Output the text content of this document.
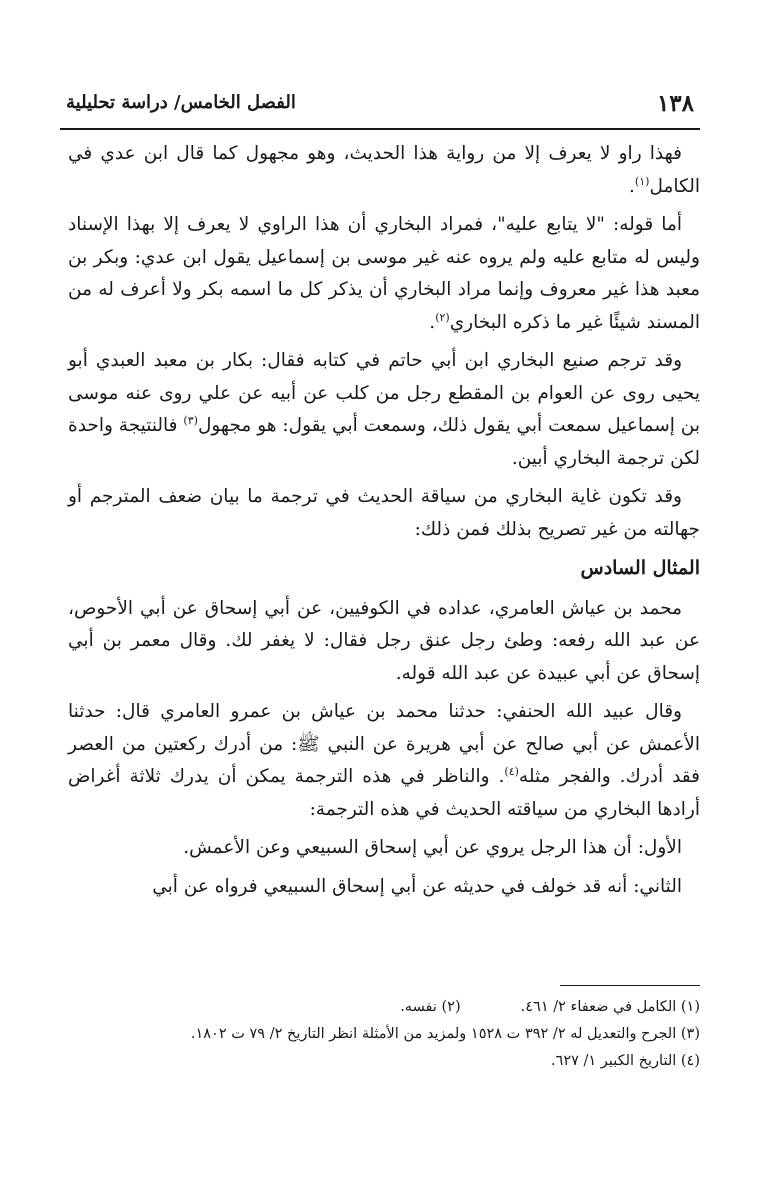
١٣٨
الفصل الخامس/ دراسة تحليلية

فهذا راو لا يعرف إلا من رواية هذا الحديث، وهو مجهول كما قال ابن عدي في الكامل$^{(١)}$.

أما قوله: "لا يتابع عليه"، فمراد البخاري أن هذا الراوي لا يعرف إلا بهذا الإسناد وليس له متابع عليه ولم يروه عنه غير موسى بن إسماعيل يقول ابن عدي: وبكر بن معبد هذا غير معروف وإنما مراد البخاري أن يذكر كل ما اسمه بكر ولا أعرف له من المسند شيئًا غير ما ذكره البخاري$^{(٢)}$.

وقد ترجم صنيع البخاري ابن أبي حاتم في كتابه فقال: بكار بن معبد العبدي أبو يحيى روى عن العوام بن المقطع رجل من كلب عن أبيه عن علي روى عنه موسى بن إسماعيل سمعت أبي يقول ذلك، وسمعت أبي يقول: هو مجهول$^{(٣)}$ فالنتيجة واحدة لكن ترجمة البخاري أبين.

وقد تكون غاية البخاري من سياقة الحديث في ترجمة ما بيان ضعف المترجم أو جهالته من غير تصريح بذلك فمن ذلك:

المثال السادس

محمد بن عياش العامري، عداده في الكوفيين، عن أبي إسحاق عن أبي الأحوص، عن عبد الله رفعه: وطئ رجل عنق رجل فقال: لا يغفر لك. وقال معمر بن أبي إسحاق عن أبي عبيدة عن عبد الله قوله.

وقال عبيد الله الحنفي: حدثنا محمد بن عياش بن عمرو العامري قال: حدثنا الأعمش عن أبي صالح عن أبي هريرة عن النبي ﷺ: من أدرك ركعتين من العصر فقد أدرك. والفجر مثله$^{(٤)}$. والناظر في هذه الترجمة يمكن أن يدرك ثلاثة أغراض أرادها البخاري من سياقته الحديث في هذه الترجمة:

الأول: أن هذا الرجل يروي عن أبي إسحاق السبيعي وعن الأعمش.

الثاني: أنه قد خولف في حديثه عن أبي إسحاق السبيعي فرواه عن أبي

(١) الكامل في ضعفاء ٢/ ٤٦١.(٢) نفسه.
(٣) الجرح والتعديل له ٢/ ٣٩٢ ت ١٥٢٨ ولمزيد من الأمثلة انظر التاريخ ٢/ ٧٩ ت ١٨٠٢.
(٤) التاريخ الكبير ١/ ٦٢٧.
